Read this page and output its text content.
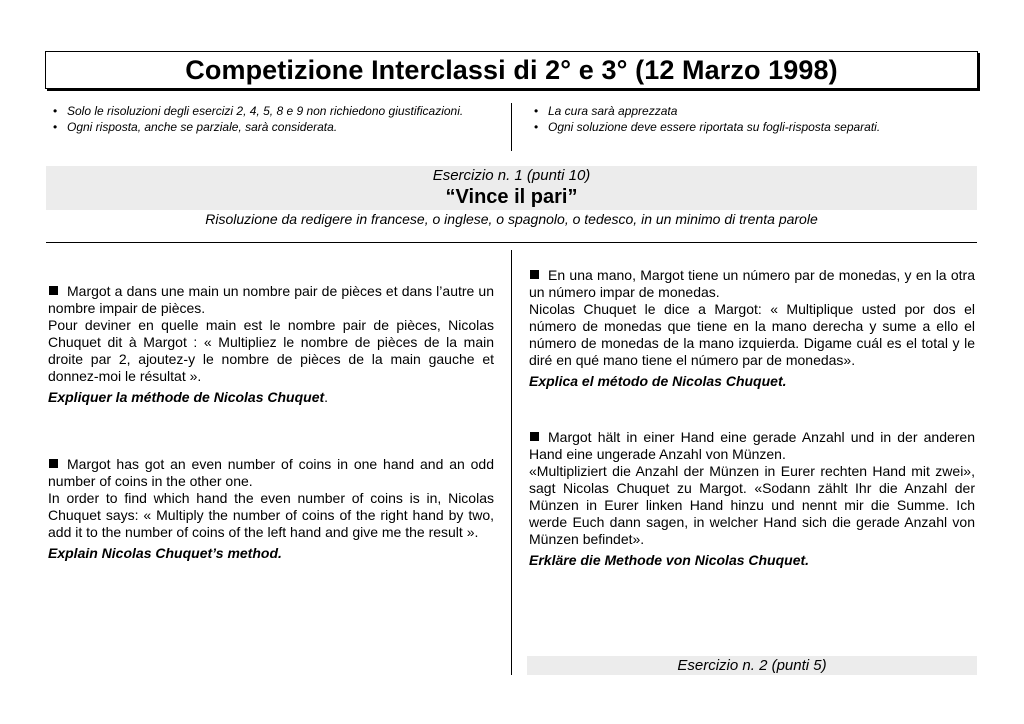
Competizione Interclassi di 2° e 3° (12 Marzo 1998)
• Solo le risoluzioni degli esercizi 2, 4, 5, 8 e 9 non richiedono giustificazioni.
• Ogni risposta, anche se parziale, sarà considerata.
• La cura sarà apprezzata
• Ogni soluzione deve essere riportata su fogli-risposta separati.
Esercizio n. 1 (punti 10)
“Vince il pari”
Risoluzione da redigere in francese, o inglese, o spagnolo, o tedesco, in un minimo di trenta parole

Margot a dans une main un nombre pair de pièces et dans l’autre un nombre impair de pièces.

Pour deviner en quelle main est le nombre pair de pièces, Nicolas Chuquet dit à Margot : « Multipliez le nombre de pièces de la main droite par 2, ajoutez-y le nombre de pièces de la main gauche et donnez-moi le résultat ».

Expliquer la méthode de Nicolas Chuquet.

Margot has got an even number of coins in one hand and an odd number of coins in the other one.

In order to find which hand the even number of coins is in, Nicolas Chuquet says: « Multiply the number of coins of the right hand by two, add it to the number of coins of the left hand and give me the result ».

Explain Nicolas Chuquet’s method.

En una mano, Margot tiene un número par de monedas, y en la otra un número impar de monedas.

Nicolas Chuquet le dice a Margot: « Multiplique usted por dos el número de monedas que tiene en la mano derecha y sume a ello el número de monedas de la mano izquierda. Digame cuál es el total y le diré en qué mano tiene el número par de monedas».

Explica el método de Nicolas Chuquet.

Margot hält in einer Hand eine gerade Anzahl und in der anderen Hand eine ungerade Anzahl von Münzen.

«Multipliziert die Anzahl der Münzen in Eurer rechten Hand mit zwei», sagt Nicolas Chuquet zu Margot. «Sodann zählt Ihr die Anzahl der Münzen in Eurer linken Hand hinzu und nennt mir die Summe. Ich werde Euch dann sagen, in welcher Hand sich die gerade Anzahl von Münzen befindet».

Erkläre die Methode von Nicolas Chuquet.

Esercizio n. 2 (punti 5)
